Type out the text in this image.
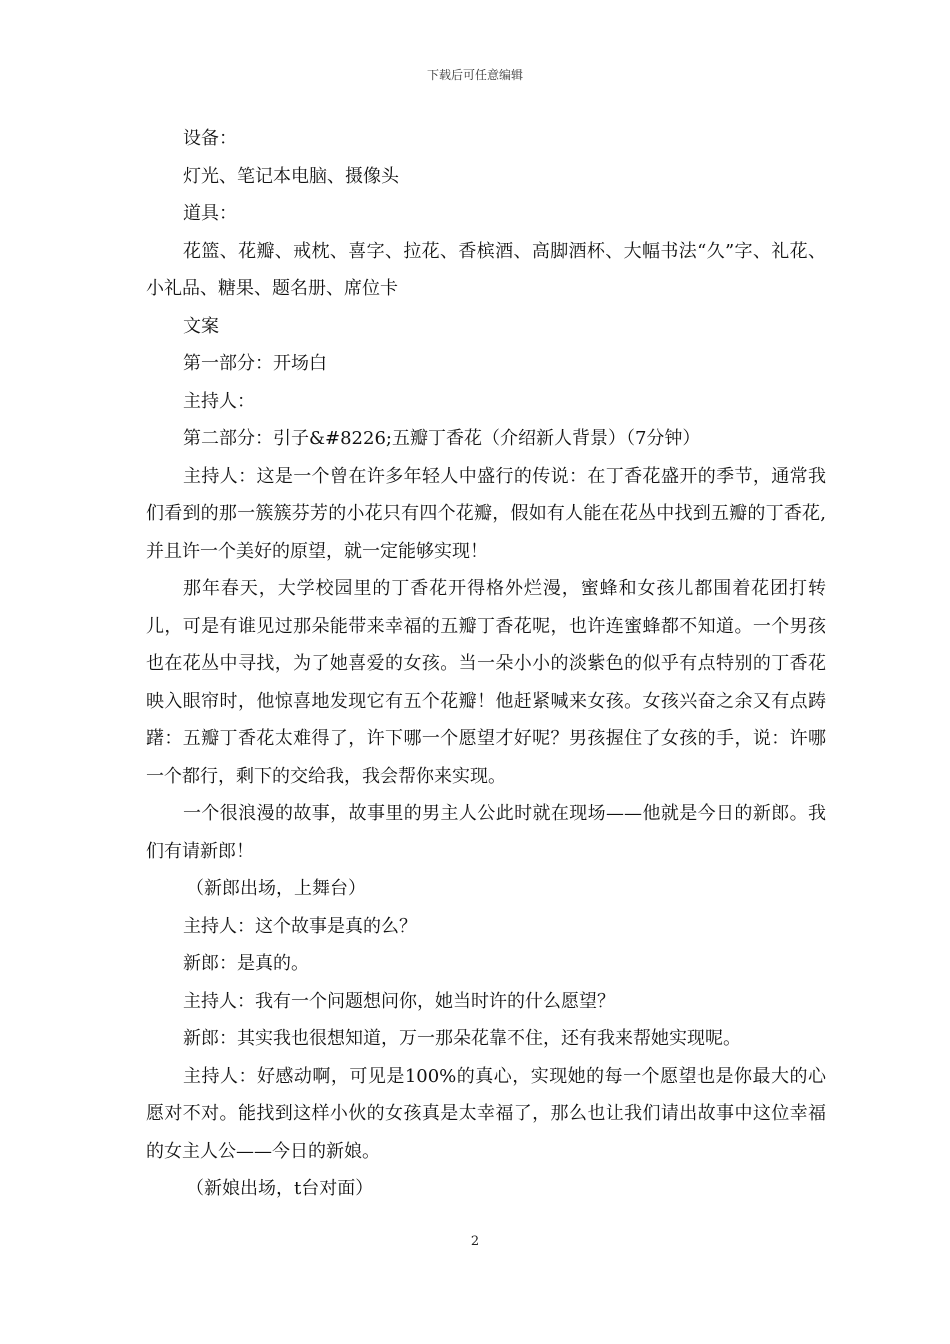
下载后可任意编辑

设备：

灯光、笔记本电脑、摄像头

道具：

花篮、花瓣、戒枕、喜字、拉花、香槟酒、高脚酒杯、大幅书法“久”字、礼花、小礼品、糖果、题名册、席位卡

文案

第一部分：开场白

主持人：

第二部分：引子&#8226;五瓣丁香花（介绍新人背景）（7分钟）

主持人：这是一个曾在许多年轻人中盛行的传说：在丁香花盛开的季节，通常我们看到的那一簇簇芬芳的小花只有四个花瓣，假如有人能在花丛中找到五瓣的丁香花,并且许一个美好的原望，就一定能够实现！

那年春天，大学校园里的丁香花开得格外烂漫，蜜蜂和女孩儿都围着花团打转儿，可是有谁见过那朵能带来幸福的五瓣丁香花呢，也许连蜜蜂都不知道。一个男孩也在花丛中寻找，为了她喜爱的女孩。当一朵小小的淡紫色的似乎有点特别的丁香花映入眼帘时，他惊喜地发现它有五个花瓣！他赶紧喊来女孩。女孩兴奋之余又有点踌躇：五瓣丁香花太难得了，许下哪一个愿望才好呢？男孩握住了女孩的手，说：许哪一个都行，剩下的交给我，我会帮你来实现。

一个很浪漫的故事，故事里的男主人公此时就在现场——他就是今日的新郎。我们有请新郎！

（新郎出场，上舞台）

主持人：这个故事是真的么？

新郎：是真的。

主持人：我有一个问题想问你，她当时许的什么愿望？

新郎：其实我也很想知道，万一那朵花靠不住，还有我来帮她实现呢。

主持人：好感动啊，可见是100%的真心，实现她的每一个愿望也是你最大的心愿对不对。能找到这样小伙的女孩真是太幸福了，那么也让我们请出故事中这位幸福的女主人公——今日的新娘。

（新娘出场，t台对面）

2
